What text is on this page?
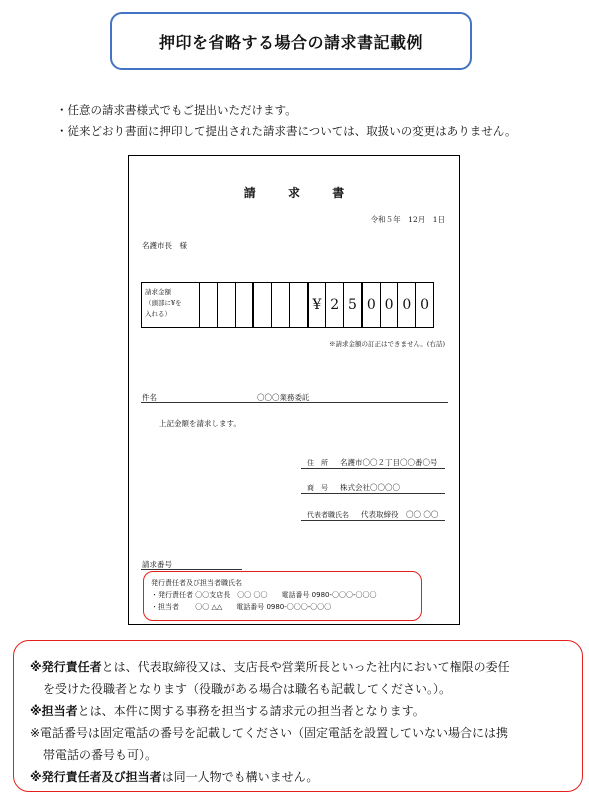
押印を省略する場合の請求書記載例
・任意の請求書様式でもご提出いただけます。
・従来どおり書面に押印して提出された請求書については、取扱いの変更はありません。
請	求	書
令和５年　12月　1日
名護市長　様
請求金額
（頭部に¥を
入れる）
¥ 2 5 0 0 0 0
※請求金額の訂正はできません。(右詰)
件名	〇〇〇業務委託
上記金額を請求します。
住　所 名護市〇〇２丁目〇〇番〇号
商　号 株式会社〇〇〇〇
代表者職氏名 代表取締役　〇〇 〇〇
請求番号
発行責任者及び担当者職氏名
・発行責任者 〇〇支店長　〇〇 〇〇　　電話番号 0980-〇〇〇-〇〇〇
・担当者　　 〇〇 △△　　電話番号 0980-〇〇〇-〇〇〇
※発行責任者とは、代表取締役又は、支店長や営業所長といった社内において権限の委任
を受けた役職者となります（役職がある場合は職名も記載してください。）。
※担当者とは、本件に関する事務を担当する請求元の担当者となります。
※電話番号は固定電話の番号を記載してください（固定電話を設置していない場合には携
帯電話の番号も可）。
※発行責任者及び担当者は同一人物でも構いません。
